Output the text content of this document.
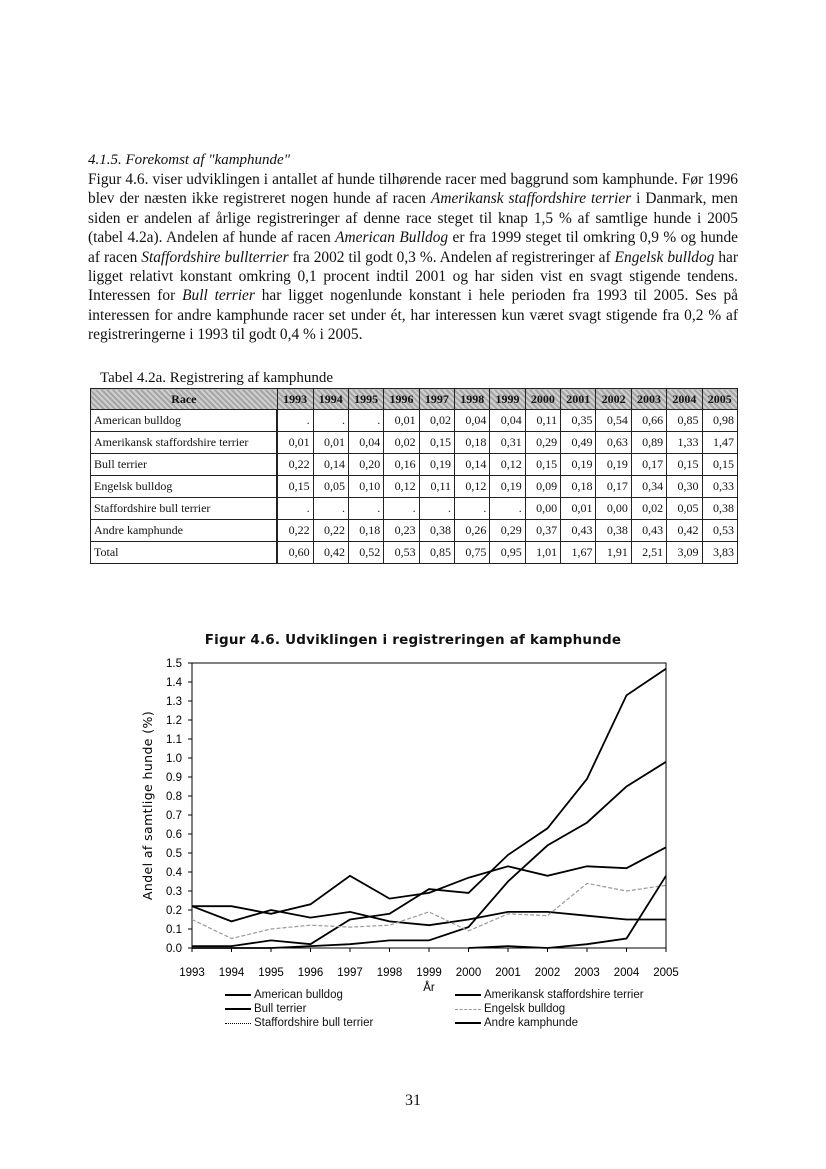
4.1.5. Forekomst af "kamphunde"

Figur 4.6. viser udviklingen i antallet af hunde tilhørende racer med baggrund som kamphunde. Før 1996 blev der næsten ikke registreret nogen hunde af racen Amerikansk staffordshire terrier i Danmark, men siden er andelen af årlige registreringer af denne race steget til knap 1,5 % af samtlige hunde i 2005 (tabel 4.2a). Andelen af hunde af racen American Bulldog er fra 1999 steget til omkring 0,9 % og hunde af racen Staffordshire bullterrier fra 2002 til godt 0,3 %. Andelen af registreringer af Engelsk bulldog har ligget relativt konstant omkring 0,1 procent indtil 2001 og har siden vist en svagt stigende tendens. Interessen for Bull terrier har ligget nogenlunde konstant i hele perioden fra 1993 til 2005. Ses på interessen for andre kamphunde racer set under ét, har interessen kun været svagt stigende fra 0,2 % af registreringerne i 1993 til godt 0,4 % i 2005.

Tabel 4.2a. Registrering af kamphunde
Race	1993	1994	1995	1996	1997	1998	1999	2000	2001	2002	2003	2004	2005
American bulldog	.	.	.	0,01	0,02	0,04	0,04	0,11	0,35	0,54	0,66	0,85	0,98
Amerikansk staffordshire terrier	0,01	0,01	0,04	0,02	0,15	0,18	0,31	0,29	0,49	0,63	0,89	1,33	1,47
Bull terrier	0,22	0,14	0,20	0,16	0,19	0,14	0,12	0,15	0,19	0,19	0,17	0,15	0,15
Engelsk bulldog	0,15	0,05	0,10	0,12	0,11	0,12	0,19	0,09	0,18	0,17	0,34	0,30	0,33
Staffordshire bull terrier	.	.	.	.	.	.	.	0,00	0,01	0,00	0,02	0,05	0,38
Andre kamphunde	0,22	0,22	0,18	0,23	0,38	0,26	0,29	0,37	0,43	0,38	0,43	0,42	0,53
Total	0,60	0,42	0,52	0,53	0,85	0,75	0,95	1,01	1,67	1,91	2,51	3,09	3,83
Figur 4.6. Udviklingen i registreringen af kamphunde
0.0
0.1
0.2
0.3
0.4
0.5
0.6
0.7
0.8
0.9
1.0
1.1
1.2
1.3
1.4
1.5
1993 1994 1995 1996 1997 1998 1999 2000 2001 2002 2003 2004 2005
År
Andel af samtlige hunde (%)
American bulldog
Bull terrier
Staffordshire bull terrier
Amerikansk staffordshire terrier
Engelsk bulldog
Andre kamphunde
31
